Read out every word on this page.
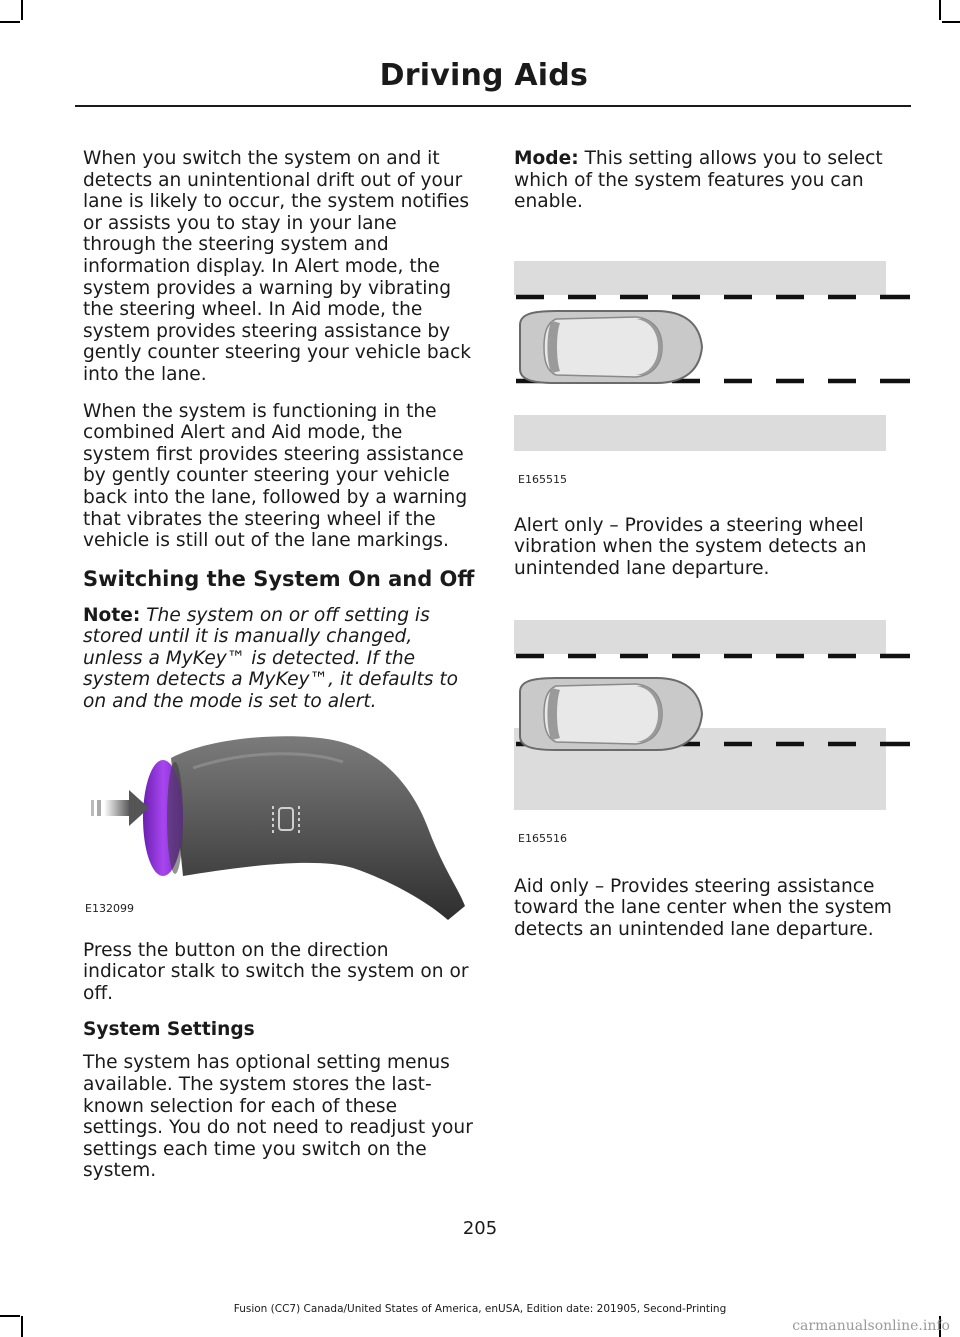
Driving Aids

When you switch the system on and it detects an unintentional drift out of your lane is likely to occur, the system notifies or assists you to stay in your lane through the steering system and information display. In Alert mode, the system provides a warning by vibrating the steering wheel. In Aid mode, the system provides steering assistance by gently counter steering your vehicle back into the lane.

When the system is functioning in the combined Alert and Aid mode, the system first provides steering assistance by gently counter steering your vehicle back into the lane, followed by a warning that vibrates the steering wheel if the vehicle is still out of the lane markings.

Switching the System On and Off

Note: The system on or off setting is stored until it is manually changed, unless a MyKey™ is detected. If the system detects a MyKey™, it defaults to on and the mode is set to alert.

E132099

Press the button on the direction indicator stalk to switch the system on or off.

System Settings

The system has optional setting menus available. The system stores the last-known selection for each of these settings. You do not need to readjust your settings each time you switch on the system.

Mode: This setting allows you to select which of the system features you can enable.

E165515

Alert only – Provides a steering wheel vibration when the system detects an unintended lane departure.

E165516

Aid only – Provides steering assistance toward the lane center when the system detects an unintended lane departure.

205
Fusion (CC7) Canada/United States of America, enUSA, Edition date: 201905, Second-Printing
carmanualsonline.info
